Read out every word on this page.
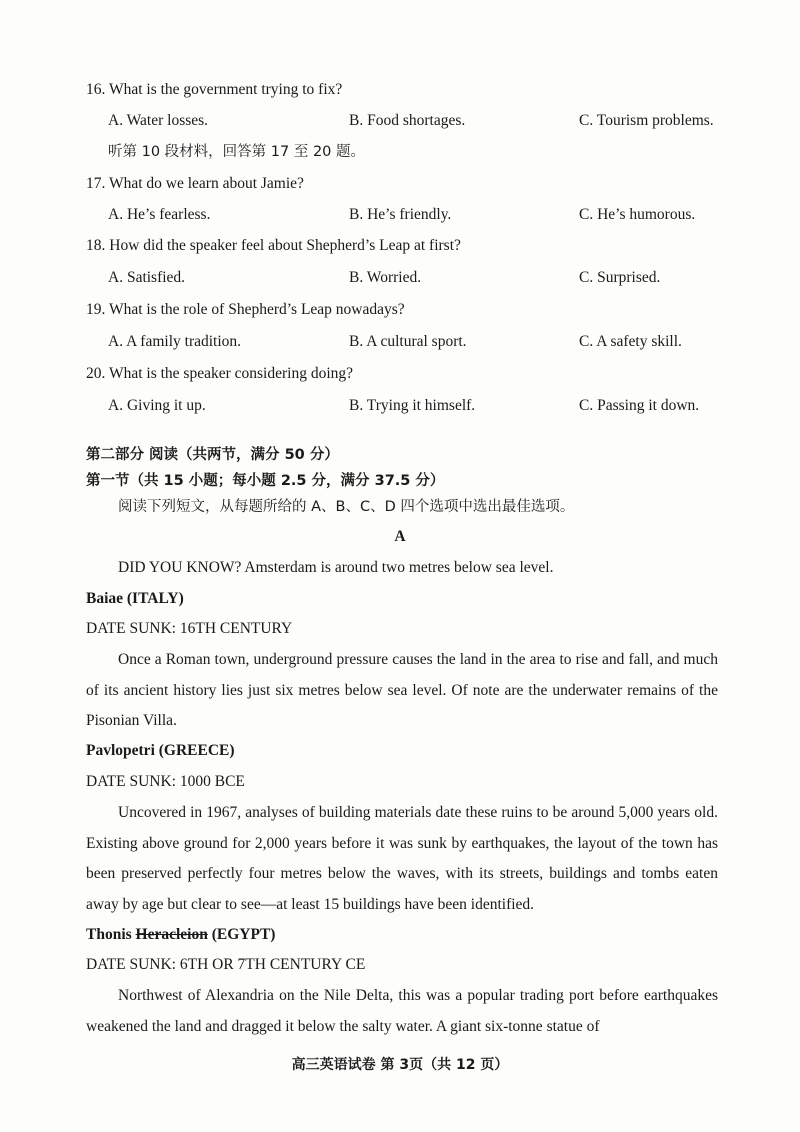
16. What is the government trying to fix?
A. Water losses.	B. Food shortages.	C. Tourism problems.
听第 10 段材料，回答第 17 至 20 题。
17. What do we learn about Jamie?
A. He’s fearless.	B. He’s friendly.	C. He’s humorous.
18. How did the speaker feel about Shepherd’s Leap at first?
A. Satisfied.	B. Worried.	C. Surprised.
19. What is the role of Shepherd’s Leap nowadays?
A. A family tradition.	B. A cultural sport.	C. A safety skill.
20. What is the speaker considering doing?
A. Giving it up.	B. Trying it himself.	C. Passing it down.
第二部分 阅读（共两节，满分 50 分）
第一节（共 15 小题；每小题 2.5 分，满分 37.5 分）
阅读下列短文，从每题所给的 A、B、C、D 四个选项中选出最佳选项。
A
DID YOU KNOW? Amsterdam is around two metres below sea level.
Baiae (ITALY)
DATE SUNK: 16TH CENTURY
Once a Roman town, underground pressure causes the land in the area to rise and fall, and much of its ancient history lies just six metres below sea level. Of note are the underwater remains of the Pisonian Villa.
Pavlopetri (GREECE)
DATE SUNK: 1000 BCE
Uncovered in 1967, analyses of building materials date these ruins to be around 5,000 years old. Existing above ground for 2,000 years before it was sunk by earthquakes, the layout of the town has been preserved perfectly four metres below the waves, with its streets, buildings and tombs eaten away by age but clear to see—at least 15 buildings have been identified.
Thonis Heracleion (EGYPT)
DATE SUNK: 6TH OR 7TH CENTURY CE
Northwest of Alexandria on the Nile Delta, this was a popular trading port before earthquakes weakened the land and dragged it below the salty water. A giant six-tonne statue of
高三英语试卷 第 3页（共 12 页）
